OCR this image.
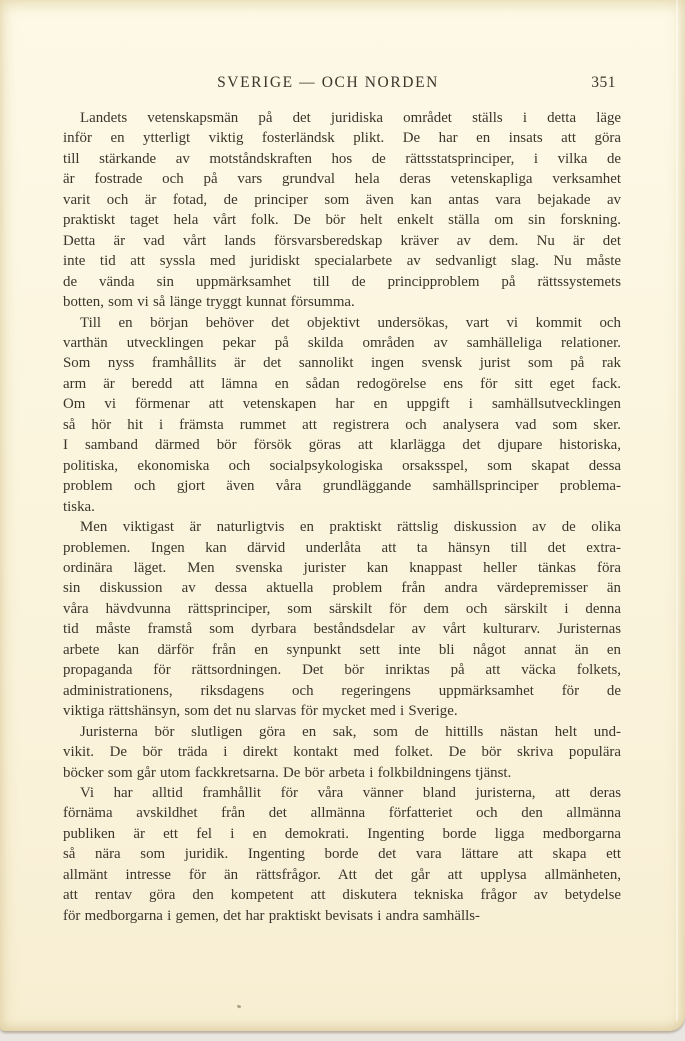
SVERIGE — OCH NORDEN	351
Landets vetenskapsmän på det juridiska området ställs i detta läge
inför en ytterligt viktig fosterländsk plikt. De har en insats att göra
till stärkande av motståndskraften hos de rättsstatsprinciper, i vilka de
är fostrade och på vars grundval hela deras vetenskapliga verksamhet
varit och är fotad, de principer som även kan antas vara bejakade av
praktiskt taget hela vårt folk. De bör helt enkelt ställa om sin forskning.
Detta är vad vårt lands försvarsberedskap kräver av dem. Nu är det
inte tid att syssla med juridiskt specialarbete av sedvanligt slag. Nu måste
de vända sin uppmärksamhet till de principproblem på rättssystemets
botten, som vi så länge tryggt kunnat försumma.
Till en början behöver det objektivt undersökas, vart vi kommit och
varthän utvecklingen pekar på skilda områden av samhälleliga relationer.
Som nyss framhållits är det sannolikt ingen svensk jurist som på rak
arm är beredd att lämna en sådan redogörelse ens för sitt eget fack.
Om vi förmenar att vetenskapen har en uppgift i samhällsutvecklingen
så hör hit i främsta rummet att registrera och analysera vad som sker.
I samband därmed bör försök göras att klarlägga det djupare historiska,
politiska, ekonomiska och socialpsykologiska orsaksspel, som skapat dessa
problem och gjort även våra grundläggande samhällsprinciper problema-
tiska.
Men viktigast är naturligtvis en praktiskt rättslig diskussion av de olika
problemen. Ingen kan därvid underlåta att ta hänsyn till det extra-
ordinära läget. Men svenska jurister kan knappast heller tänkas föra
sin diskussion av dessa aktuella problem från andra värdepremisser än
våra hävdvunna rättsprinciper, som särskilt för dem och särskilt i denna
tid måste framstå som dyrbara beståndsdelar av vårt kulturarv. Juristernas
arbete kan därför från en synpunkt sett inte bli något annat än en
propaganda för rättsordningen. Det bör inriktas på att väcka folkets,
administrationens, riksdagens och regeringens uppmärksamhet för de
viktiga rättshänsyn, som det nu slarvas för mycket med i Sverige.
Juristerna bör slutligen göra en sak, som de hittills nästan helt und-
vikit. De bör träda i direkt kontakt med folket. De bör skriva populära
böcker som går utom fackkretsarna. De bör arbeta i folkbildningens tjänst.
Vi har alltid framhållit för våra vänner bland juristerna, att deras
förnäma avskildhet från det allmänna författeriet och den allmänna
publiken är ett fel i en demokrati. Ingenting borde ligga medborgarna
så nära som juridik. Ingenting borde det vara lättare att skapa ett
allmänt intresse för än rättsfrågor. Att det går att upplysa allmänheten,
att rentav göra den kompetent att diskutera tekniska frågor av betydelse
för medborgarna i gemen, det har praktiskt bevisats i andra samhälls-
